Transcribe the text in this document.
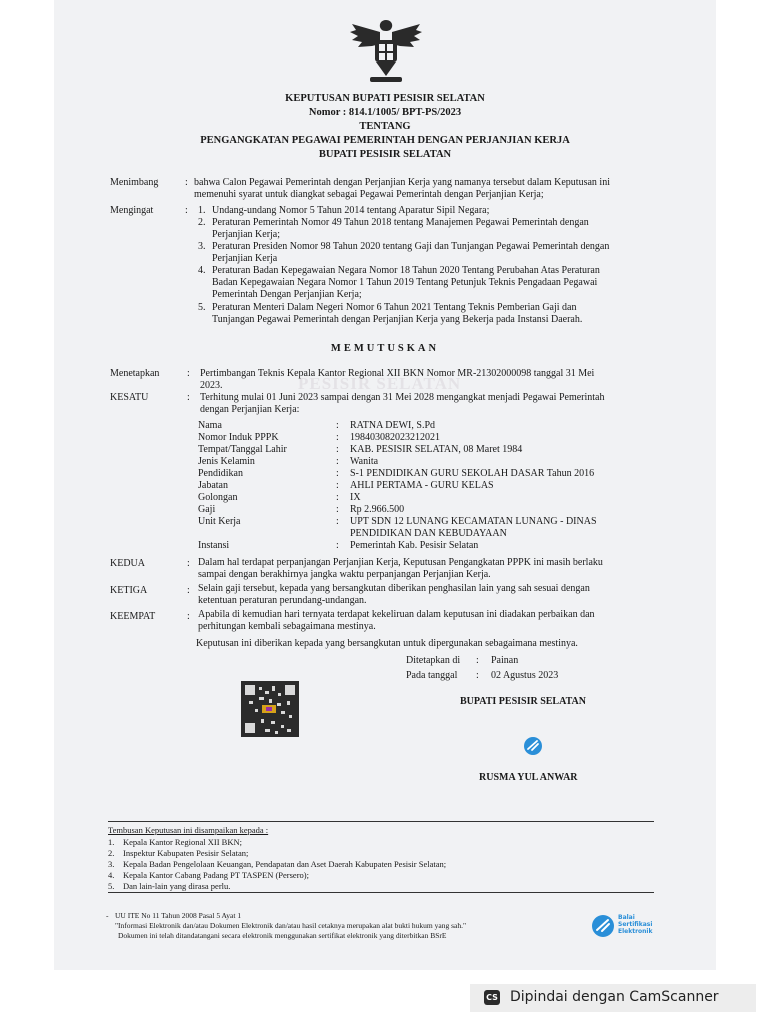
KEPUTUSAN BUPATI PESISIR SELATAN
Nomor : 814.1/1005/ BPT-PS/2023
TENTANG
PENGANGKATAN PEGAWAI PEMERINTAH DENGAN PERJANJIAN KERJA
BUPATI PESISIR SELATAN
PESISIR SELATAN
Menimbang	: bahwa Calon Pegawai Pemerintah dengan Perjanjian Kerja yang namanya tersebut dalam Keputusan ini
memenuhi syarat untuk diangkat sebagai Pegawai Pemerintah dengan Perjanjian Kerja;
Mengingat	: 1. Undang-undang Nomor 5 Tahun 2014 tentang Aparatur Sipil Negara;
2. Peraturan Pemerintah Nomor 49 Tahun 2018 tentang Manajemen Pegawai Pemerintah dengan
Perjanjian Kerja;
3. Peraturan Presiden Nomor 98 Tahun 2020 tentang Gaji dan Tunjangan Pegawai Pemerintah dengan
Perjanjian Kerja
4. Peraturan Badan Kepegawaian Negara Nomor 18 Tahun 2020 Tentang Perubahan Atas Peraturan
Badan Kepegawaian Negara Nomor 1 Tahun 2019 Tentang Petunjuk Teknis Pengadaan Pegawai
Pemerintah Dengan Perjanjian Kerja;
5. Peraturan Menteri Dalam Negeri Nomor 6 Tahun 2021 Tentang Teknis Pemberian Gaji dan
Tunjangan Pegawai Pemerintah dengan Perjanjian Kerja yang Bekerja pada Instansi Daerah.
MEMUTUSKAN
Menetapkan	: Pertimbangan Teknis Kepala Kantor Regional XII BKN Nomor MR-21302000098 tanggal 31 Mei
2023.
KESATU	: Terhitung mulai 01 Juni 2023 sampai dengan 31 Mei 2028 mengangkat menjadi Pegawai Pemerintah
dengan Perjanjian Kerja:
Nama	: RATNA DEWI, S.Pd
Nomor Induk PPPK	: 198403082023212021
Tempat/Tanggal Lahir	: KAB. PESISIR SELATAN, 08 Maret 1984
Jenis Kelamin	: Wanita
Pendidikan	: S-1 PENDIDIKAN GURU SEKOLAH DASAR Tahun 2016
Jabatan	: AHLI PERTAMA - GURU KELAS
Golongan	: IX
Gaji	: Rp 2.966.500
Unit Kerja	: UPT SDN 12 LUNANG KECAMATAN LUNANG - DINAS
PENDIDIKAN DAN KEBUDAYAAN
Instansi	: Pemerintah Kab. Pesisir Selatan
KEDUA	: Dalam hal terdapat perpanjangan Perjanjian Kerja, Keputusan Pengangkatan PPPK ini masih berlaku
sampai dengan berakhirnya jangka waktu perpanjangan Perjanjian Kerja.
KETIGA	: Selain gaji tersebut, kepada yang bersangkutan diberikan penghasilan lain yang sah sesuai dengan
ketentuan peraturan perundang-undangan.
KEEMPAT	: Apabila di kemudian hari ternyata terdapat kekeliruan dalam keputusan ini diadakan perbaikan dan
perhitungan kembali sebagaimana mestinya.
Keputusan ini diberikan kepada yang bersangkutan untuk dipergunakan sebagaimana mestinya.
Ditetapkan di : Painan
Pada tanggal : 02 Agustus 2023
BUPATI PESISIR SELATAN
RUSMA YUL ANWAR
Tembusan Keputusan ini disampaikan kepada :
1. Kepala Kantor Regional XII BKN;
2. Inspektur Kabupaten Pesisir Selatan;
3. Kepala Badan Pengelolaan Keuangan, Pendapatan dan Aset Daerah Kabupaten Pesisir Selatan;
4. Kepala Kantor Cabang Padang PT TASPEN (Persero);
5. Dan lain-lain yang dirasa perlu.
- UU ITE No 11 Tahun 2008 Pasal 5 Ayat 1
"Informasi Elektronik dan/atau Dokumen Elektronik dan/atau hasil cetaknya merupakan alat bukti hukum yang sah."
Dokumen ini telah ditandatangani secara elektronik menggunakan sertifikat elektronik yang diterbitkan BSrE
Balai
Sertifikasi
Elektronik
CS Dipindai dengan CamScanner
